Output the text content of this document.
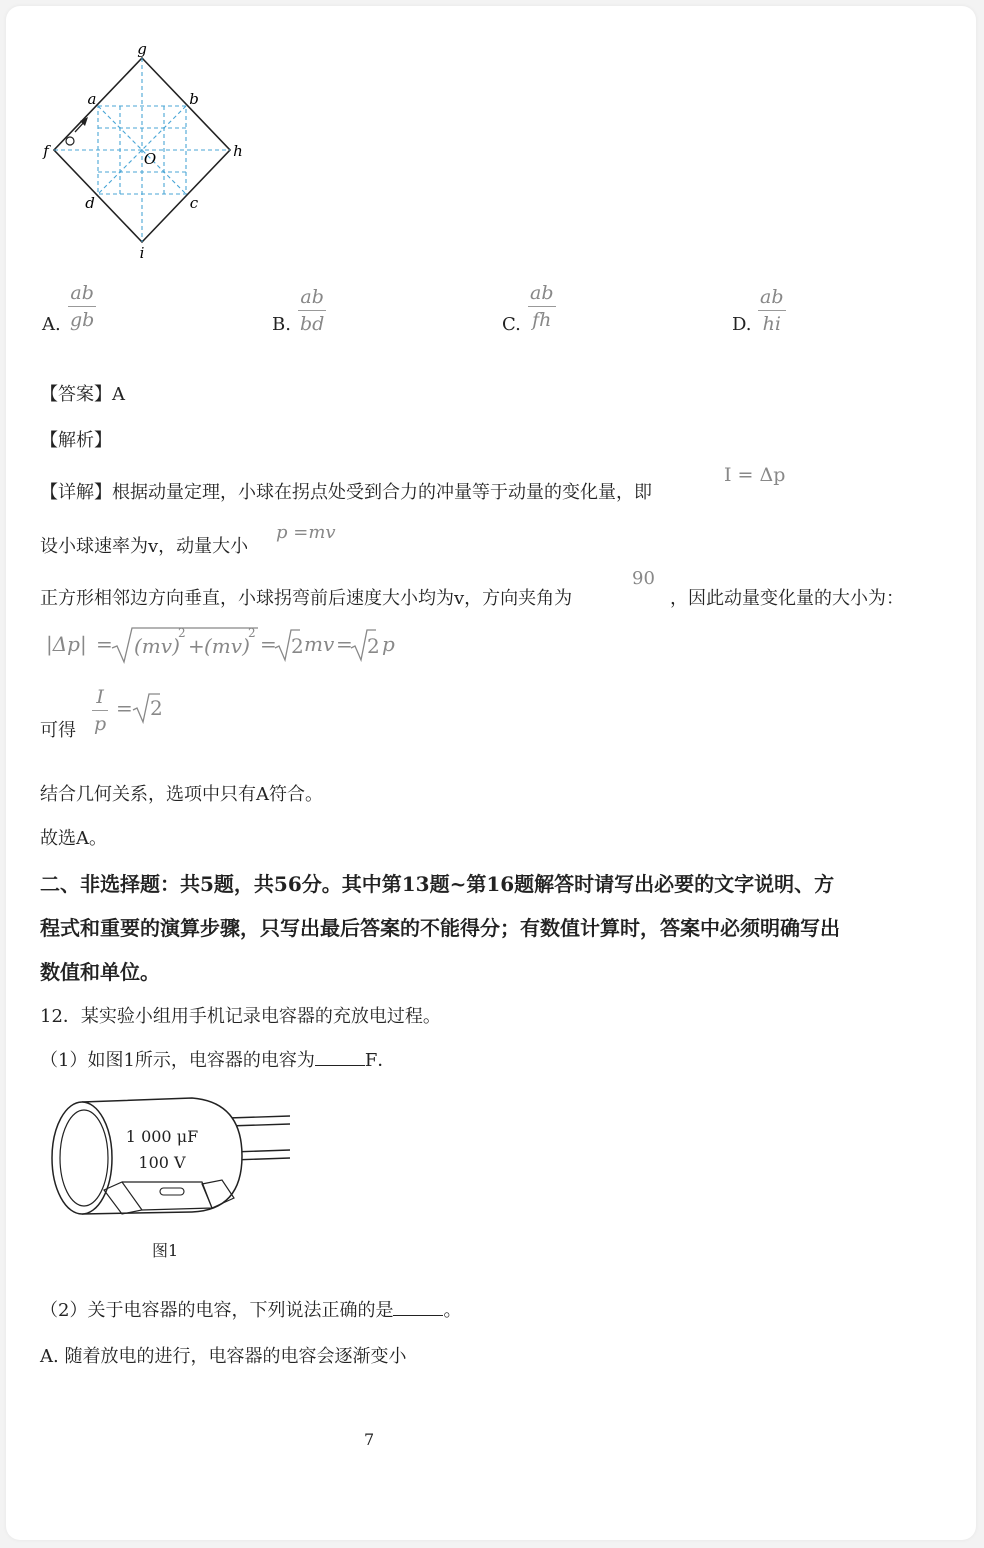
g
a	b
f	O	h
d	c
i
A.
ab
gb	B.
ab
bd	C.
ab
fh	D.
ab
hi
【答案】A
【解析】
【详解】根据动量定理，小球在拐点处受到合力的冲量等于动量的变化量，即
I = Δp
设小球速率为v，动量大小
p =mv
正方形相邻边方向垂直，小球拐弯前后速度大小均为v，方向夹角为
90
，因此动量变化量的大小为：
|Δp| = (mv)
2
+ (mv)
2 = 2 mv = 2 p
可得
I
p
= 2
结合几何关系，选项中只有A符合。
故选A。
二、非选择题：共5题，共56分。其中第13题~第16题解答时请写出必要的文字说明、方
程式和重要的演算步骤，只写出最后答案的不能得分；有数值计算时，答案中必须明确写出
数值和单位。
12．某实验小组用手机记录电容器的充放电过程。
（1）如图1所示，电容器的电容为	F．
1 000 μF
100 V
图1
（2）关于电容器的电容，下列说法正确的是	。
A. 随着放电的进行，电容器的电容会逐渐变小
7
